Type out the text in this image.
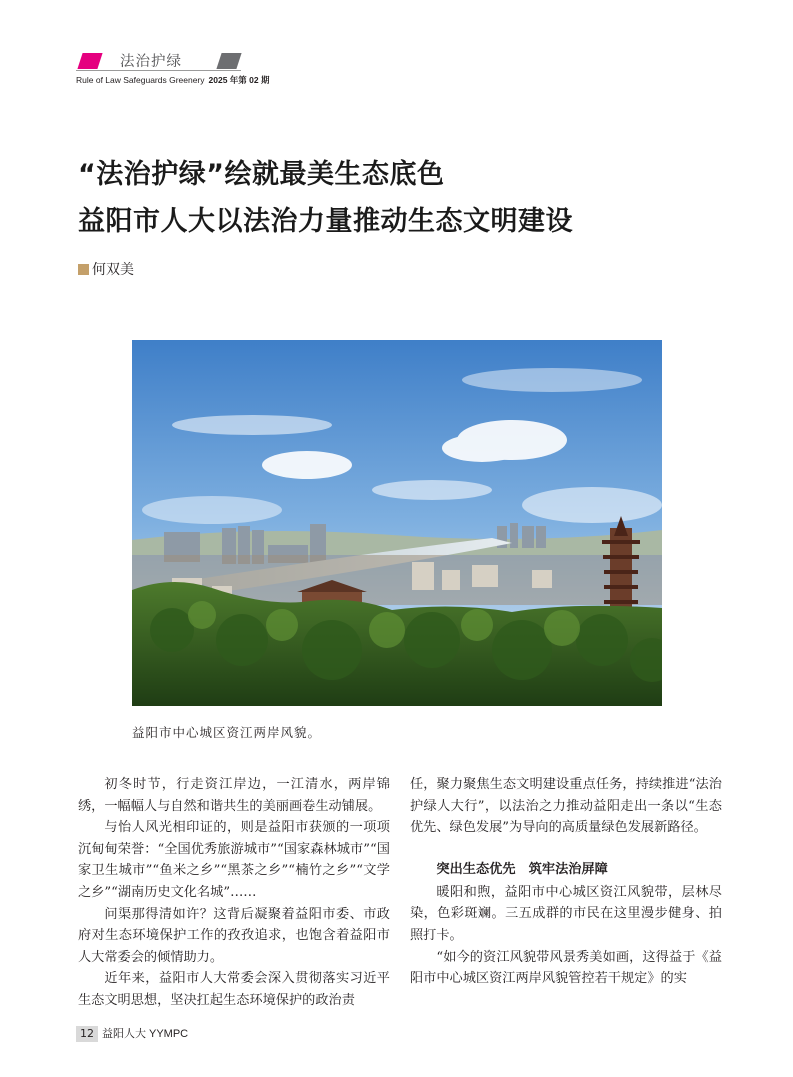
法治护绿
Rule of Law Safeguards Greenery 2025 年第 02 期
“法治护绿”绘就最美生态底色
益阳市人大以法治力量推动生态文明建设
何双美
益阳市中心城区资江两岸风貌。

初冬时节，行走资江岸边，一江清水，两岸锦绣，一幅幅人与自然和谐共生的美丽画卷生动铺展。

与怡人风光相印证的，则是益阳市获颁的一项项沉甸甸荣誉：“全国优秀旅游城市”“国家森林城市”“国家卫生城市”“鱼米之乡”“黑茶之乡”“楠竹之乡”“文学之乡”“湖南历史文化名城”……

问渠那得清如许？这背后凝聚着益阳市委、市政府对生态环境保护工作的孜孜追求，也饱含着益阳市人大常委会的倾情助力。

近年来，益阳市人大常委会深入贯彻落实习近平生态文明思想，坚决扛起生态环境保护的政治责

任，聚力聚焦生态文明建设重点任务，持续推进“法治护绿人大行”，以法治之力推动益阳走出一条以“生态优先、绿色发展”为导向的高质量绿色发展新路径。

突出生态优先　筑牢法治屏障

暖阳和煦，益阳市中心城区资江风貌带，层林尽染，色彩斑斓。三五成群的市民在这里漫步健身、拍照打卡。

“如今的资江风貌带风景秀美如画，这得益于《益阳市中心城区资江两岸风貌管控若干规定》的实

12 益阳人大 YYMPC
